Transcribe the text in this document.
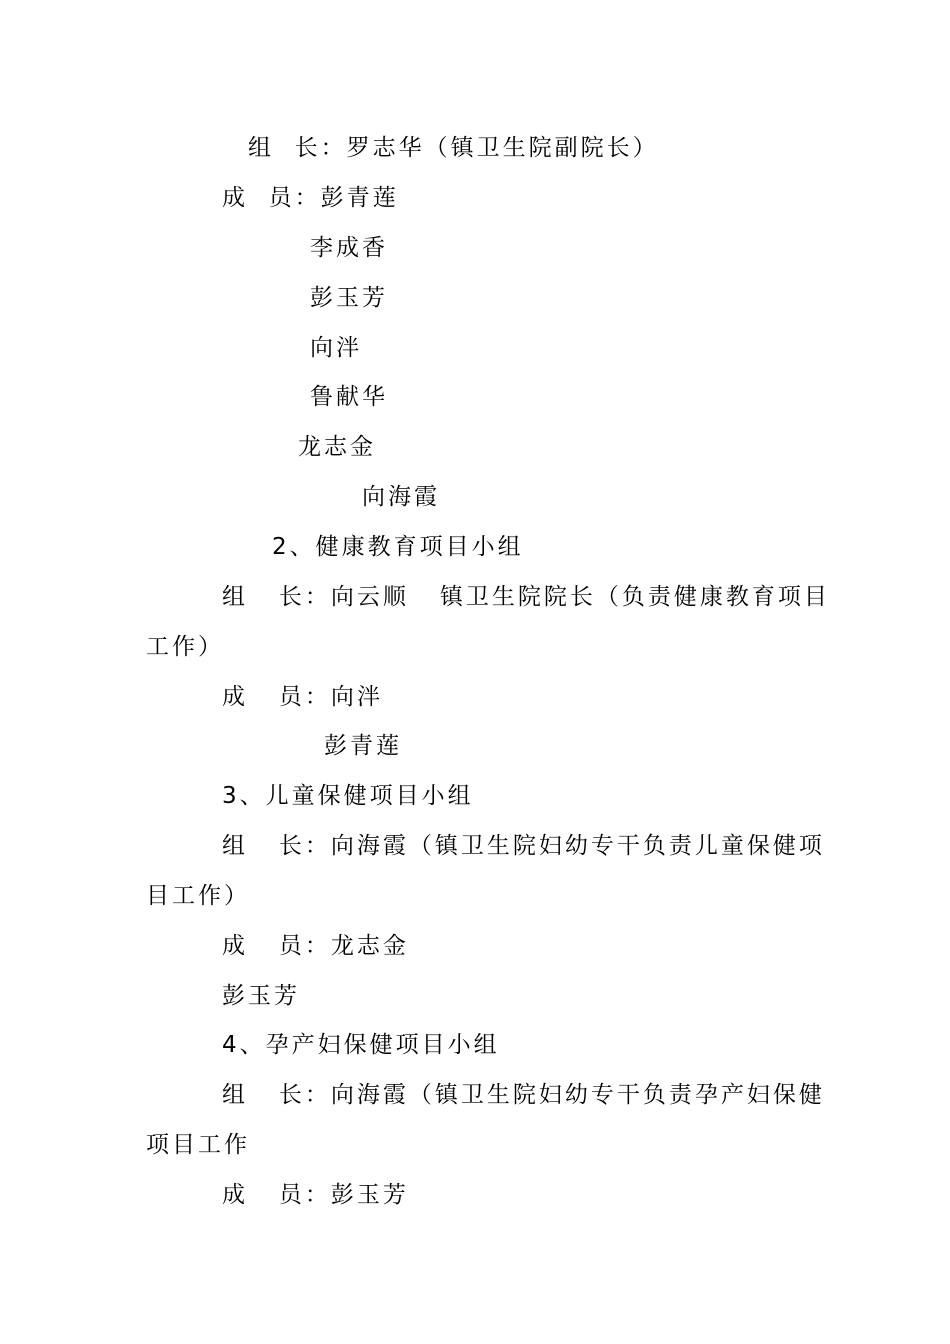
组  长：罗志华（镇卫生院副院长）
成  员：彭青莲
李成香
彭玉芳
向泮
鲁献华
龙志金
向海霞
2、健康教育项目小组
组   长：向云顺   镇卫生院院长（负责健康教育项目
工作）
成   员：向泮
彭青莲
3、儿童保健项目小组
组   长：向海霞（镇卫生院妇幼专干负责儿童保健项
目工作）
成   员：龙志金
彭玉芳
4、孕产妇保健项目小组
组   长：向海霞（镇卫生院妇幼专干负责孕产妇保健
项目工作
成   员：彭玉芳
